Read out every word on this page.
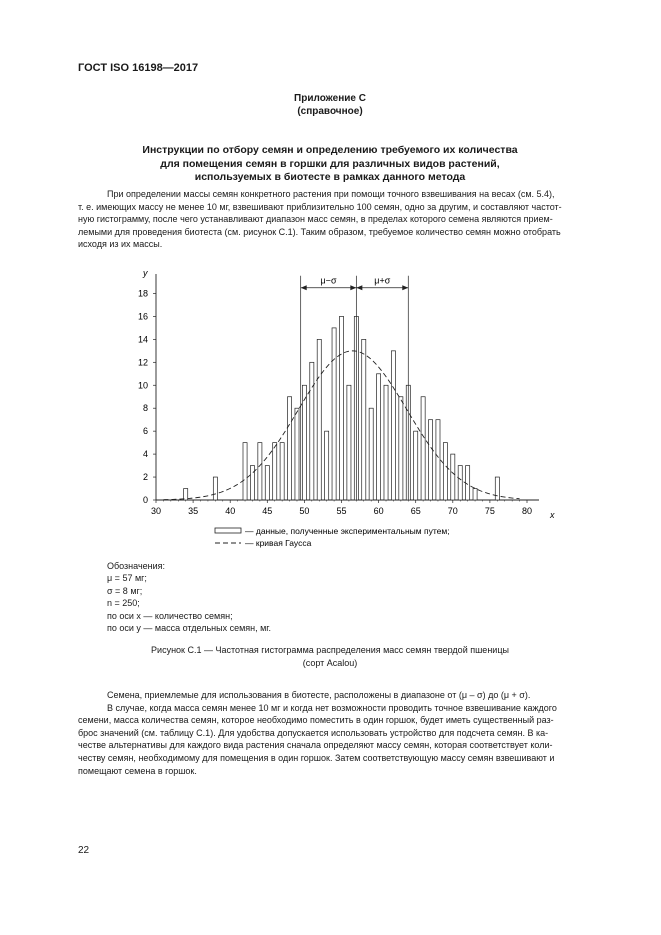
ГОСТ ISO 16198—2017
Приложение С
(справочное)
Инструкции по отбору семян и определению требуемого их количества
для помещения семян в горшки для различных видов растений,
используемых в биотесте в рамках данного метода

При определении массы семян конкретного растения при помощи точного взвешивания на весах (см. 5.4),

т. е. имеющих массу не менее 10 мг, взвешивают приблизительно 100 семян, одно за другим, и составляют частот-
ную гистограмму, после чего устанавливают диапазон масс семян, в пределах которого семена являются прием-
лемыми для проведения биотеста (см. рисунок С.1). Таким образом, требуемое количество семян можно отобрать
исходя из их массы.
y
x
μ−σ	μ+σ
30	35	40	45	50	55	60	65	70	75	80
0
2
4
6
8
10
12
14
16
18
— данные, полученные экспериментальным путем;
— кривая Гаусса
Обозначения:
μ = 57 мг;
σ = 8 мг;
n = 250;
по оси x — количество семян;
по оси y — масса отдельных семян, мг.
Рисунок С.1 — Частотная гистограмма распределения масс семян твердой пшеницы
(сорт Acalou)

Семена, приемлемые для использования в биотесте, расположены в диапазоне от (μ – σ) до (μ + σ).

В случае, когда масса семян менее 10 мг и когда нет возможности проводить точное взвешивание каждого

семени, масса количества семян, которое необходимо поместить в один горшок, будет иметь существенный раз-
брос значений (см. таблицу С.1). Для удобства допускается использовать устройство для подсчета семян. В ка-
честве альтернативы для каждого вида растения сначала определяют массу семян, которая соответствует коли-
честву семян, необходимому для помещения в один горшок. Затем соответствующую массу семян взвешивают и
помещают семена в горшок.
22
